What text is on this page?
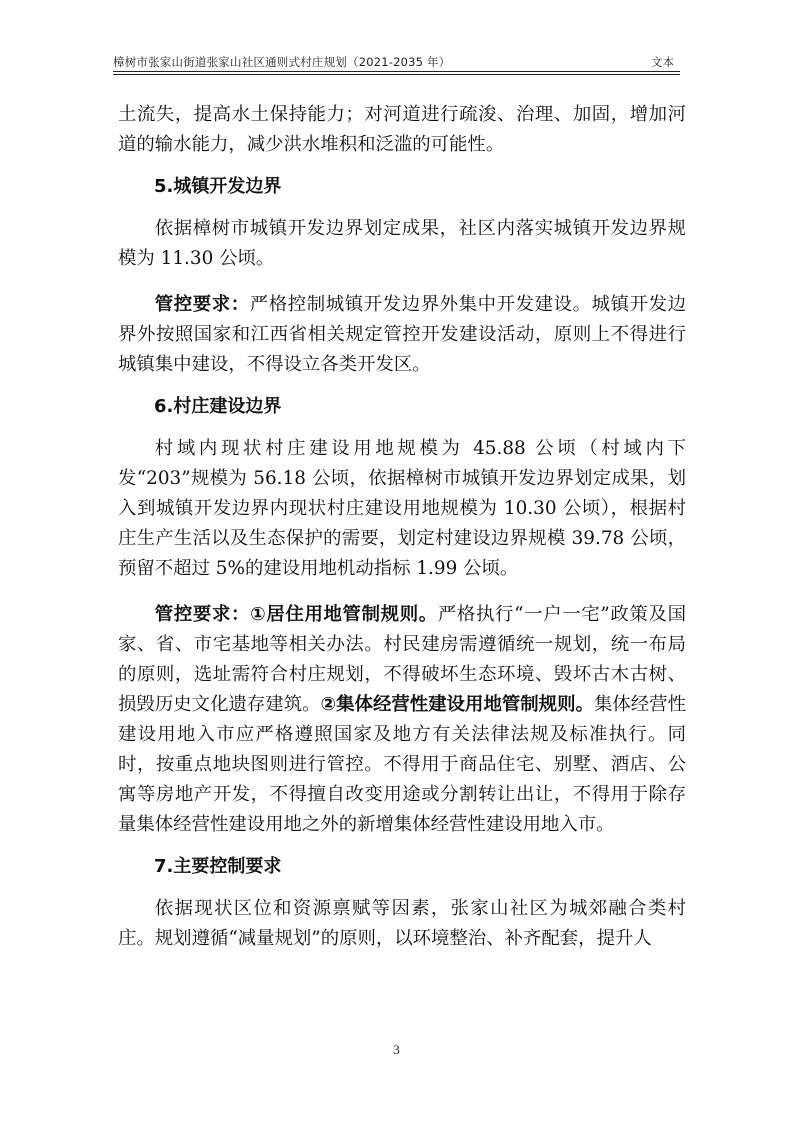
樟树市张家山街道张家山社区通则式村庄规划（2021-2035 年）	文本

土流失，提高水土保持能力；对河道进行疏浚、治理、加固，增加河道的输水能力，减少洪水堆积和泛滥的可能性。

5.城镇开发边界

依据樟树市城镇开发边界划定成果，社区内落实城镇开发边界规模为 11.30 公顷。

管控要求：严格控制城镇开发边界外集中开发建设。城镇开发边界外按照国家和江西省相关规定管控开发建设活动，原则上不得进行城镇集中建设，不得设立各类开发区。

6.村庄建设边界

村域内现状村庄建设用地规模为 45.88 公顷（村域内下发“203”规模为 56.18 公顷，依据樟树市城镇开发边界划定成果，划入到城镇开发边界内现状村庄建设用地规模为 10.30 公顷），根据村庄生产生活以及生态保护的需要，划定村建设边界规模 39.78 公顷，预留不超过 5%的建设用地机动指标 1.99 公顷。

管控要求：①居住用地管制规则。严格执行“一户一宅”政策及国家、省、市宅基地等相关办法。村民建房需遵循统一规划，统一布局的原则，选址需符合村庄规划，不得破坏生态环境、毁坏古木古树、损毁历史文化遗存建筑。②集体经营性建设用地管制规则。集体经营性建设用地入市应严格遵照国家及地方有关法律法规及标准执行。同时，按重点地块图则进行管控。不得用于商品住宅、别墅、酒店、公寓等房地产开发，不得擅自改变用途或分割转让出让，不得用于除存量集体经营性建设用地之外的新增集体经营性建设用地入市。

7.主要控制要求

依据现状区位和资源禀赋等因素，张家山社区为城郊融合类村庄。规划遵循“减量规划”的原则，以环境整治、补齐配套，提升人

3
